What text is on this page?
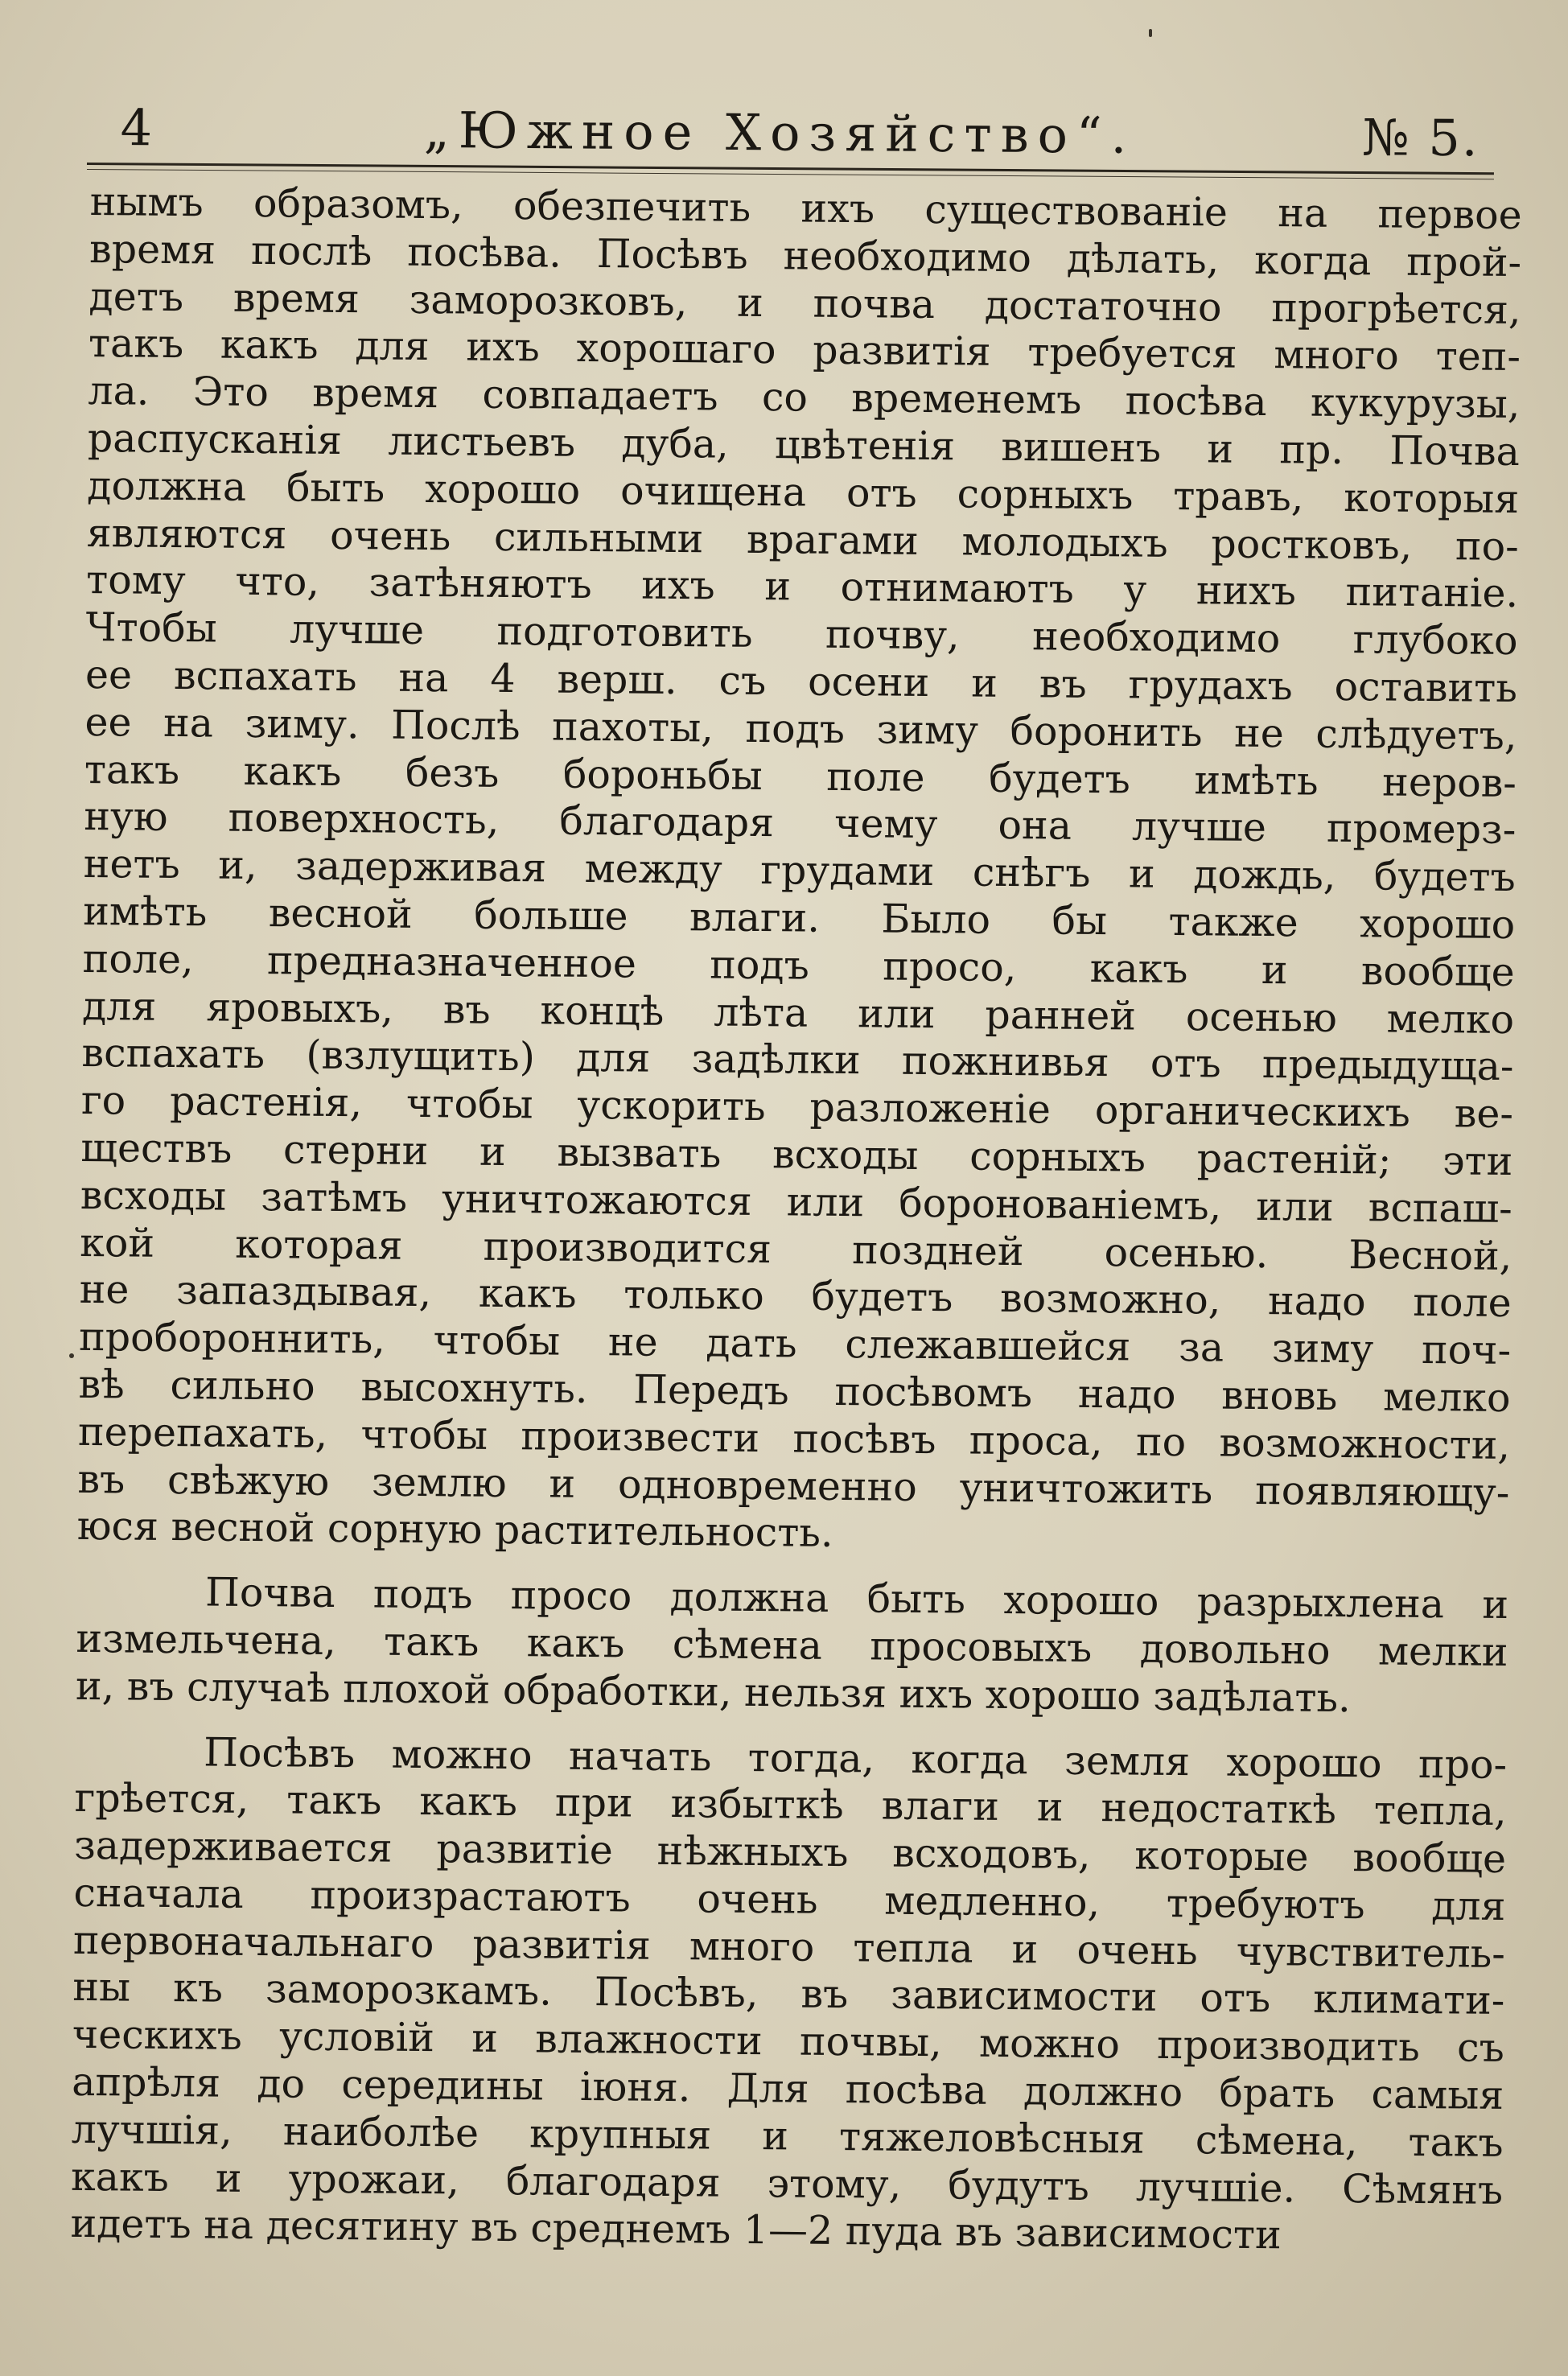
4	„Южное Хозяйство“.	№ 5.
нымъ образомъ, обезпечить ихъ существованіе на первое
время послѣ посѣва. Посѣвъ необходимо дѣлать, когда прой-
детъ время заморозковъ, и почва достаточно прогрѣется,
такъ какъ для ихъ хорошаго развитія требуется много теп-
ла. Это время совпадаетъ со временемъ посѣва кукурузы,
распусканія листьевъ дуба, цвѣтенія вишенъ и пр. Почва
должна быть хорошо очищена отъ сорныхъ травъ, которыя
являются очень сильными врагами молодыхъ ростковъ, по-
тому что, затѣняютъ ихъ и отнимаютъ у нихъ питаніе.
Чтобы лучше подготовить почву, необходимо глубоко
ее вспахать на 4 верш. съ осени и въ грудахъ оставить
ее на зиму. Послѣ пахоты, подъ зиму боронить не слѣдуетъ,
такъ какъ безъ бороньбы поле будетъ имѣть неров-
ную поверхность, благодаря чему она лучше промерз-
нетъ и, задерживая между грудами снѣгъ и дождь, будетъ
имѣть весной больше влаги. Было бы также хорошо
поле, предназначенное подъ просо, какъ и вообще
для яровыхъ, въ концѣ лѣта или ранней осенью мелко
вспахать (взлущить) для задѣлки пожнивья отъ предыдуща-
го растенія, чтобы ускорить разложеніе органическихъ ве-
ществъ стерни и вызвать всходы сорныхъ растеній; эти
всходы затѣмъ уничтожаются или боронованіемъ, или вспаш-
кой которая производится поздней осенью. Весной,
не запаздывая, какъ только будетъ возможно, надо поле
пробороннить, чтобы не дать слежавшейся за зиму поч-
вѣ сильно высохнуть. Передъ посѣвомъ надо вновь мелко
перепахать, чтобы произвести посѣвъ проса, по возможности,
въ свѣжую землю и одновременно уничтожить появляющу-
юся весной сорную растительность.
Почва подъ просо должна быть хорошо разрыхлена и
измельчена, такъ какъ сѣмена просовыхъ довольно мелки
и, въ случаѣ плохой обработки, нельзя ихъ хорошо задѣлать.
Посѣвъ можно начать тогда, когда земля хорошо про-
грѣется, такъ какъ при избыткѣ влаги и недостаткѣ тепла,
задерживается развитіе нѣжныхъ всходовъ, которые вообще
сначала произрастаютъ очень медленно, требуютъ для
первоначальнаго развитія много тепла и очень чувствитель-
ны къ заморозкамъ. Посѣвъ, въ зависимости отъ климати-
ческихъ условій и влажности почвы, можно производить съ
апрѣля до середины іюня. Для посѣва должно брать самыя
лучшія, наиболѣе крупныя и тяжеловѣсныя сѣмена, такъ
какъ и урожаи, благодаря этому, будутъ лучшіе. Сѣмянъ
идетъ на десятину въ среднемъ 1—2 пуда въ зависимости
